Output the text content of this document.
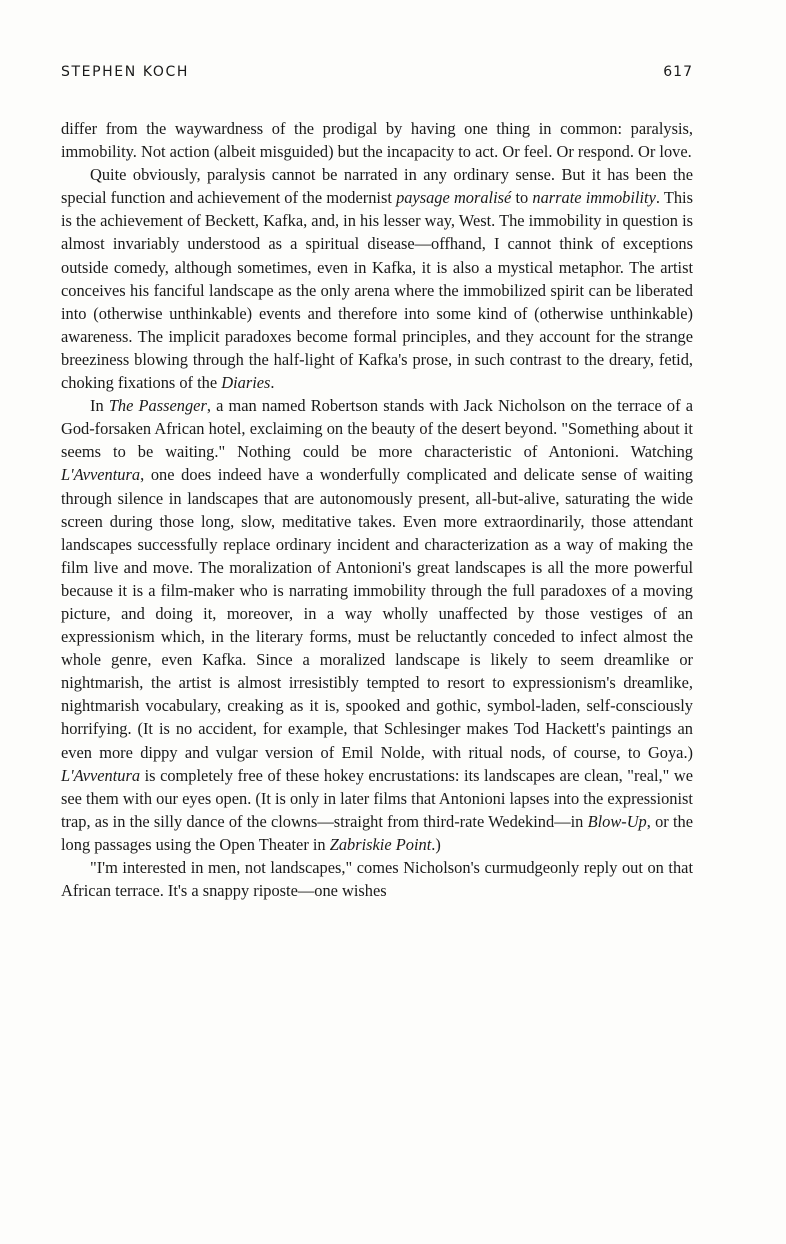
STEPHEN KOCH	617

differ from the waywardness of the prodigal by having one thing in common: paralysis, immobility. Not action (albeit misguided) but the incapacity to act. Or feel. Or respond. Or love.

Quite obviously, paralysis cannot be narrated in any ordinary sense. But it has been the special function and achievement of the modernist paysage moralisé to narrate immobility. This is the achievement of Beckett, Kafka, and, in his lesser way, West. The immobility in question is almost invariably understood as a spiritual disease—offhand, I cannot think of exceptions outside comedy, although sometimes, even in Kafka, it is also a mystical metaphor. The artist conceives his fanciful landscape as the only arena where the immobilized spirit can be liberated into (otherwise unthinkable) events and therefore into some kind of (otherwise unthinkable) awareness. The implicit paradoxes become formal principles, and they account for the strange breeziness blowing through the half-light of Kafka's prose, in such contrast to the dreary, fetid, choking fixations of the Diaries.

In The Passenger, a man named Robertson stands with Jack Nicholson on the terrace of a God-forsaken African hotel, exclaiming on the beauty of the desert beyond. "Something about it seems to be waiting." Nothing could be more characteristic of Antonioni. Watching L'Avventura, one does indeed have a wonderfully complicated and delicate sense of waiting through silence in landscapes that are autonomously present, all-but-alive, saturating the wide screen during those long, slow, meditative takes. Even more extraordinarily, those attendant landscapes successfully replace ordinary incident and characterization as a way of making the film live and move. The moralization of Antonioni's great landscapes is all the more powerful because it is a film-maker who is narrating immobility through the full paradoxes of a moving picture, and doing it, moreover, in a way wholly unaffected by those vestiges of an expressionism which, in the literary forms, must be reluctantly conceded to infect almost the whole genre, even Kafka. Since a moralized landscape is likely to seem dreamlike or nightmarish, the artist is almost irresistibly tempted to resort to expressionism's dreamlike, nightmarish vocabulary, creaking as it is, spooked and gothic, symbol-laden, self-consciously horrifying. (It is no accident, for example, that Schlesinger makes Tod Hackett's paintings an even more dippy and vulgar version of Emil Nolde, with ritual nods, of course, to Goya.) L'Avventura is completely free of these hokey encrustations: its landscapes are clean, "real," we see them with our eyes open. (It is only in later films that Antonioni lapses into the expressionist trap, as in the silly dance of the clowns—straight from third-rate Wedekind—in Blow-Up, or the long passages using the Open Theater in Zabriskie Point.)

"I'm interested in men, not landscapes," comes Nicholson's curmudgeonly reply out on that African terrace. It's a snappy riposte—one wishes
